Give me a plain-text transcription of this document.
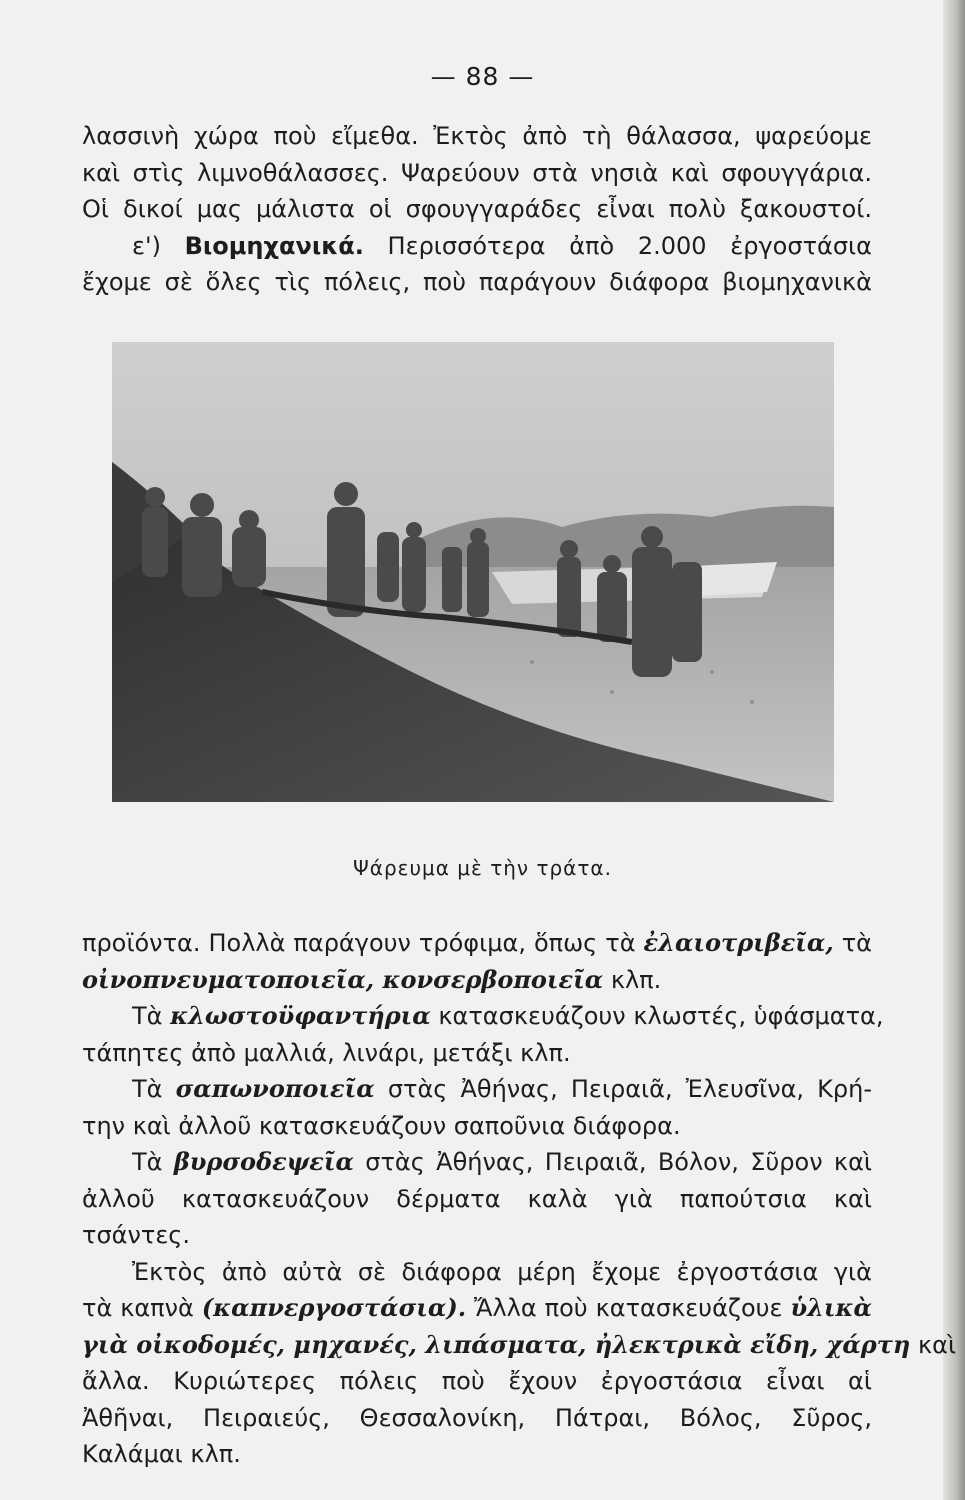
— 88 —
λασσινὴ χώρα ποὺ εἴμεθα. Ἐκτὸς ἀπὸ τὴ θάλασσα, ψαρεύομε
καὶ στὶς λιμνοθάλασσες. Ψαρεύουν στὰ νησιὰ καὶ σφουγγάρια.
Οἱ δικοί μας μάλιστα οἱ σφουγγαράδες εἶναι πολὺ ξακουστοί.
ε') Βιομηχανικά. Περισσότερα ἀπὸ 2.000 ἐργοστάσια
ἔχομε σὲ ὅλες τὶς πόλεις, ποὺ παράγουν διάφορα βιομηχανικὰ
Ψάρευμα μὲ τὴν τράτα.
προϊόντα. Πολλὰ παράγουν τρόφιμα, ὅπως τὰ ἐλαιοτριβεῖα, τὰ
οἰνοπνευματοποιεῖα, κονσερβοποιεῖα κλπ.
Τὰ κλωστοϋφαντήρια κατασκευάζουν κλωστές, ὑφάσματα,
τάπητες ἀπὸ μαλλιά, λινάρι, μετάξι κλπ.
Τὰ σαπωνοποιεῖα στὰς Ἀθήνας, Πειραιᾶ, Ἐλευσῖνα, Κρή-
την καὶ ἀλλοῦ κατασκευάζουν σαποῦνια διάφορα.
Τὰ βυρσοδεψεῖα στὰς Ἀθήνας, Πειραιᾶ, Βόλον, Σῦρον καὶ
ἀλλοῦ κατασκευάζουν δέρματα καλὰ γιὰ παπούτσια καὶ
τσάντες.
Ἐκτὸς ἀπὸ αὐτὰ σὲ διάφορα μέρη ἔχομε ἐργοστάσια γιὰ
τὰ καπνὰ (καπνεργοστάσια). Ἄλλα ποὺ κατασκευάζουε ὑλικὰ
γιὰ οἰκοδομές, μηχανές, λιπάσματα, ἠλεκτρικὰ εἴδη, χάρτη καὶ
ἄλλα. Κυριώτερες πόλεις ποὺ ἔχουν ἐργοστάσια εἶναι αἱ
Ἀθῆναι, Πειραιεύς, Θεσσαλονίκη, Πάτραι, Βόλος, Σῦρος,
Καλάμαι κλπ.
